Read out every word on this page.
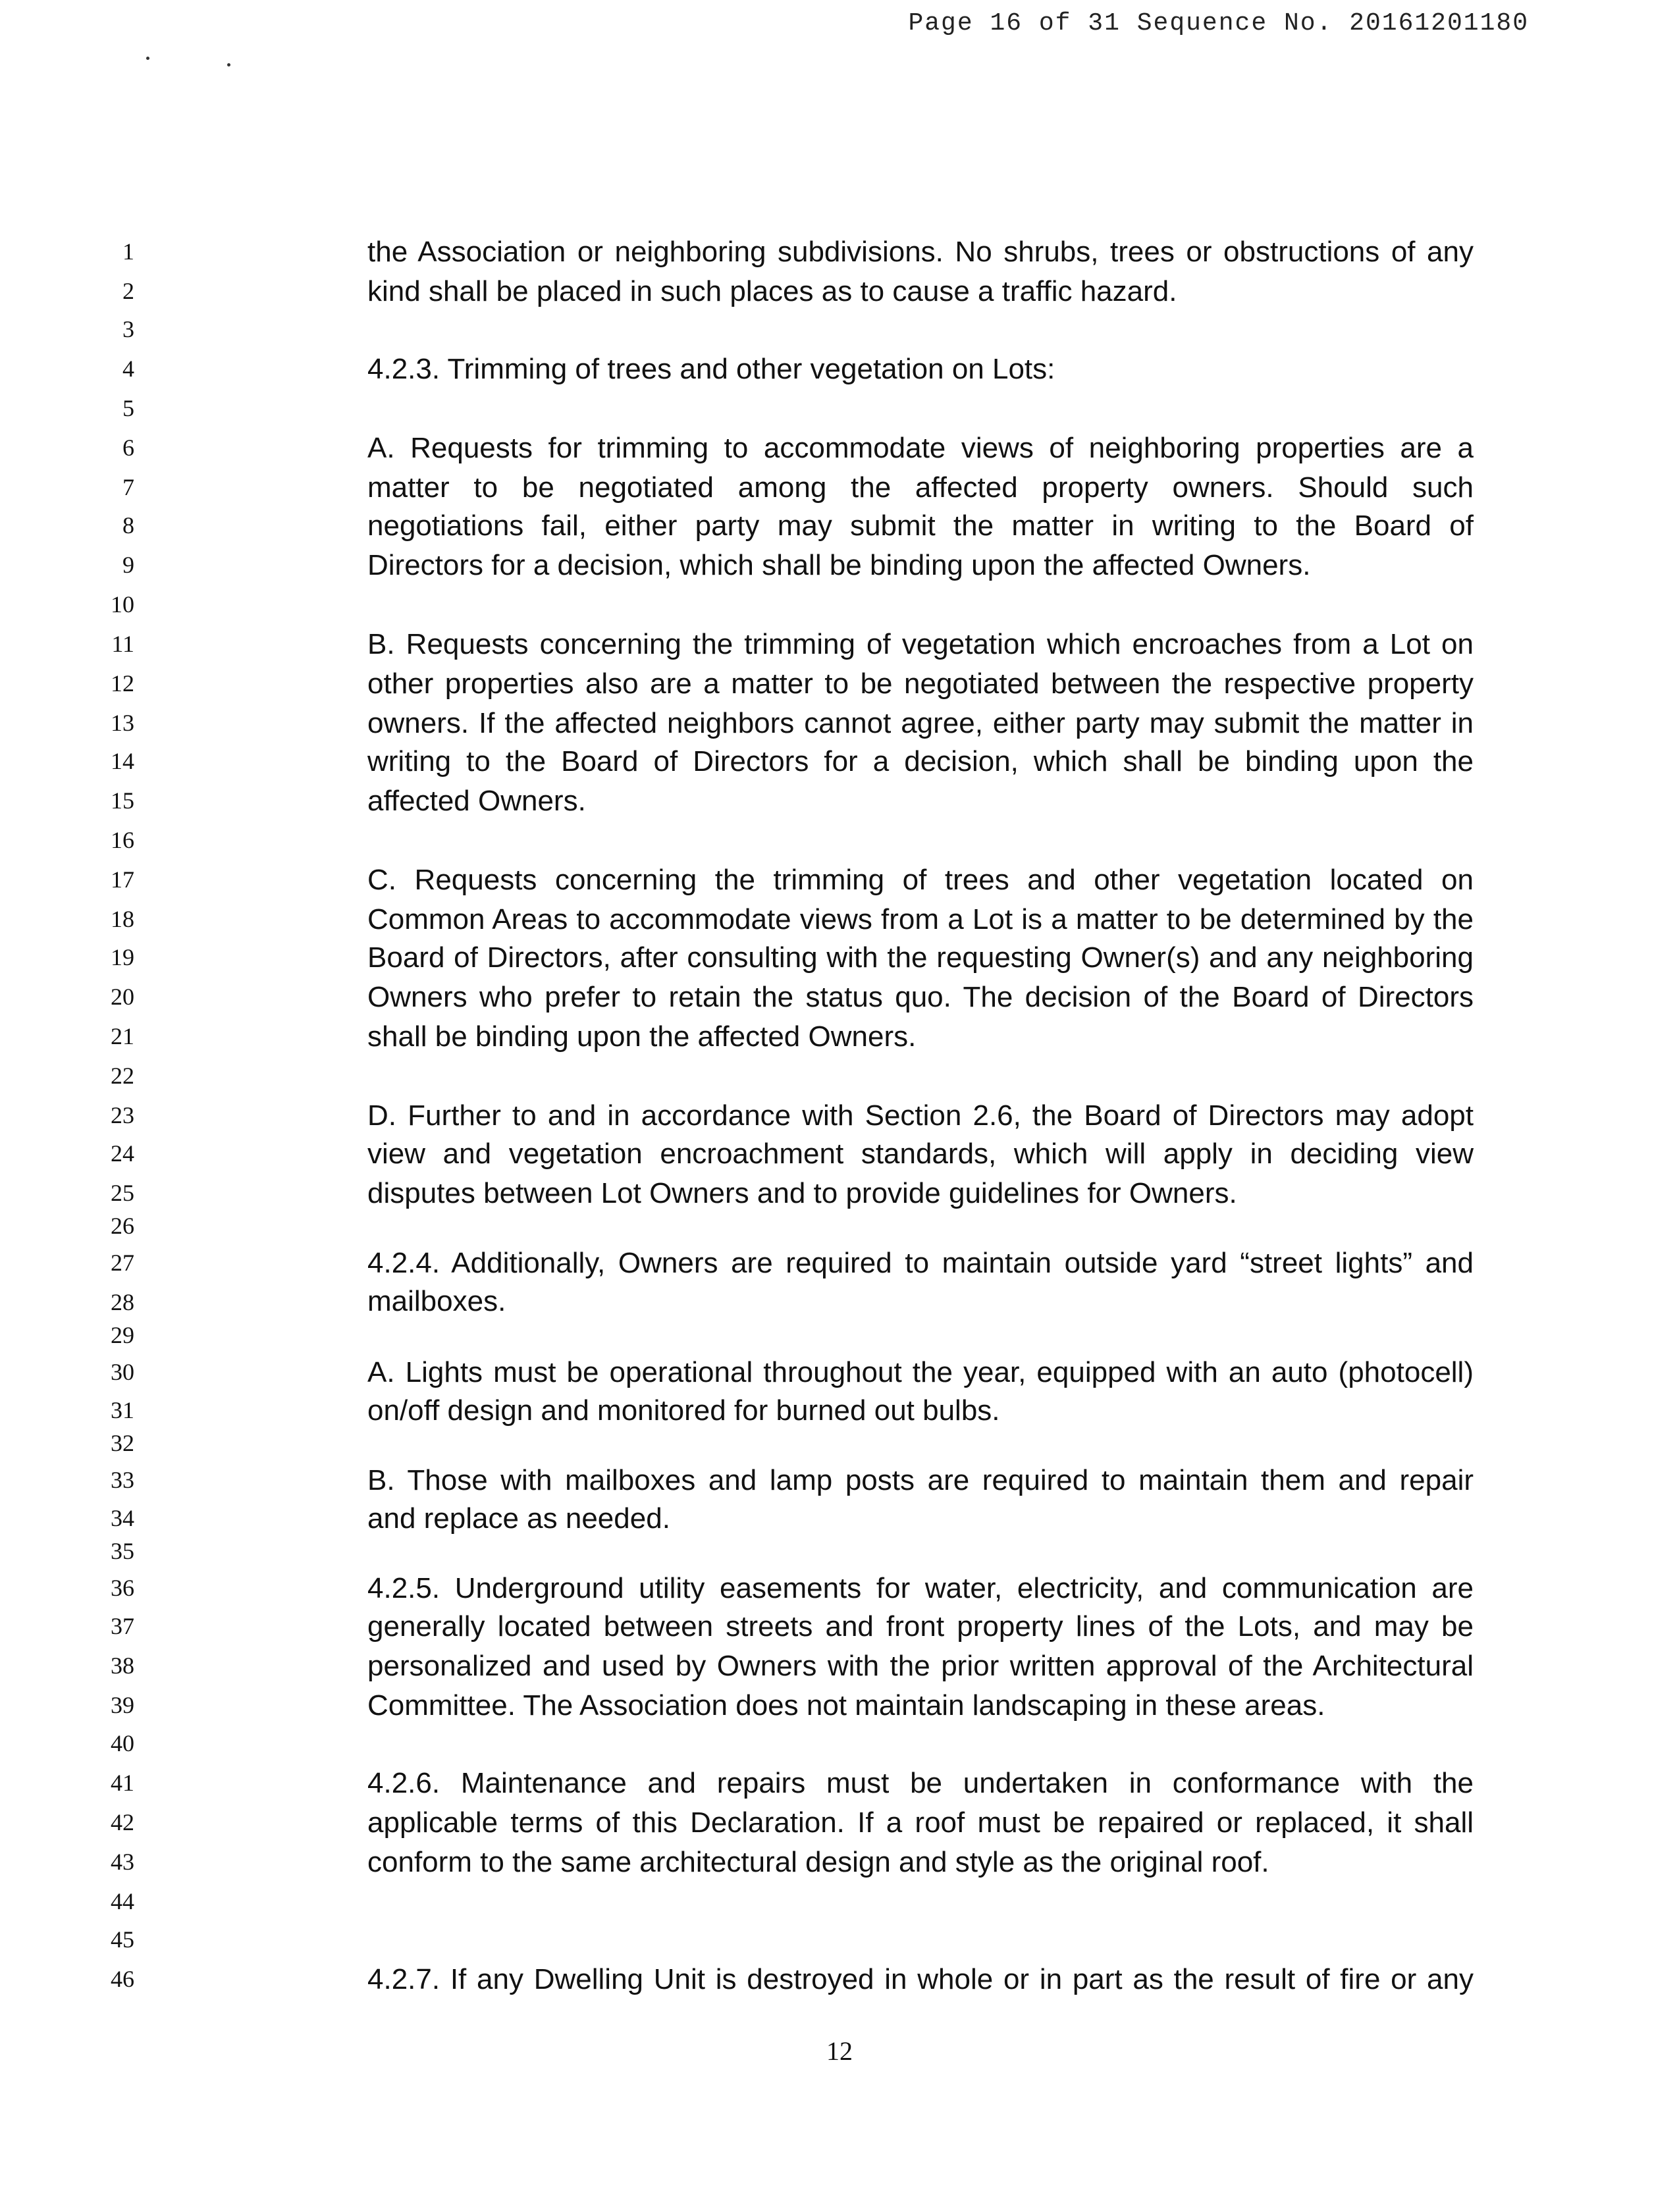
Page 16 of 31 Sequence No. 20161201180
1
2
3
4
5
6
7
8
9
10
11
12
13
14
15
16
17
18
19
20
21
22
23
24
25
26
27
28
29
30
31
32
33
34
35
36
37
38
39
40
41
42
43
44
45
46
the Association or neighboring subdivisions. No shrubs, trees or obstructions of any
kind shall be placed in such places as to cause a traffic hazard.
4.2.3. Trimming of trees and other vegetation on Lots:
A. Requests for trimming to accommodate views of neighboring properties are a
matter to be negotiated among the affected property owners. Should such
negotiations fail, either party may submit the matter in writing to the Board of
Directors for a decision, which shall be binding upon the affected Owners.
B. Requests concerning the trimming of vegetation which encroaches from a Lot on
other properties also are a matter to be negotiated between the respective property
owners. If the affected neighbors cannot agree, either party may submit the matter in
writing to the Board of Directors for a decision, which shall be binding upon the
affected Owners.
C. Requests concerning the trimming of trees and other vegetation located on
Common Areas to accommodate views from a Lot is a matter to be determined by the
Board of Directors, after consulting with the requesting Owner(s) and any neighboring
Owners who prefer to retain the status quo. The decision of the Board of Directors
shall be binding upon the affected Owners.
D. Further to and in accordance with Section 2.6, the Board of Directors may adopt
view and vegetation encroachment standards, which will apply in deciding view
disputes between Lot Owners and to provide guidelines for Owners.
4.2.4. Additionally, Owners are required to maintain outside yard “street lights” and
mailboxes.
A. Lights must be operational throughout the year, equipped with an auto (photocell)
on/off design and monitored for burned out bulbs.
B. Those with mailboxes and lamp posts are required to maintain them and repair
and replace as needed.
4.2.5. Underground utility easements for water, electricity, and communication are
generally located between streets and front property lines of the Lots, and may be
personalized and used by Owners with the prior written approval of the Architectural
Committee. The Association does not maintain landscaping in these areas.
4.2.6. Maintenance and repairs must be undertaken in conformance with the
applicable terms of this Declaration. If a roof must be repaired or replaced, it shall
conform to the same architectural design and style as the original roof.
4.2.7. If any Dwelling Unit is destroyed in whole or in part as the result of fire or any
12
